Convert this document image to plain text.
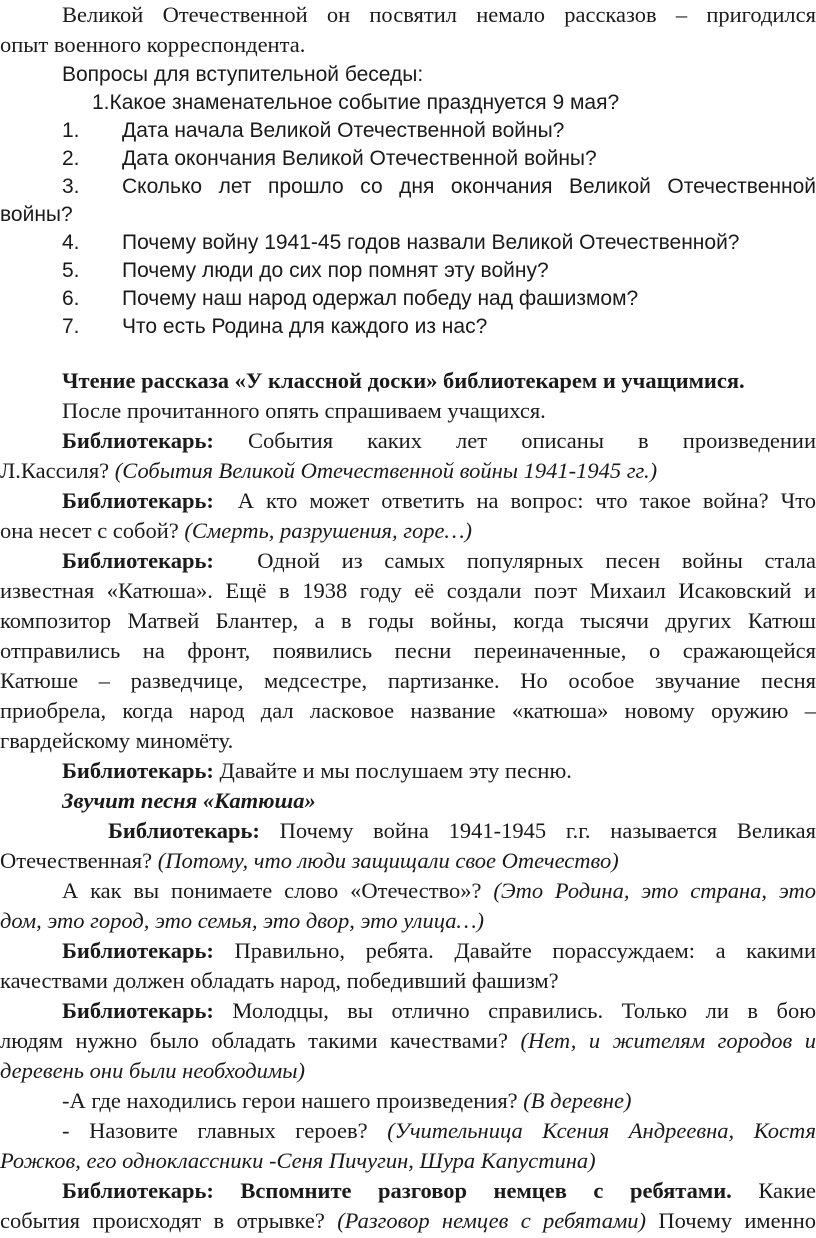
Великой Отечественной он посвятил немало рассказов – пригодился
опыт военного корреспондента.
Вопросы для вступительной беседы:
1.Какое знаменательное событие празднуется 9 мая?
1. Дата начала Великой Отечественной войны?
2. Дата окончания Великой Отечественной войны?
3. Сколько лет прошло со дня окончания Великой Отечественной
войны?
4. Почему войну 1941-45 годов назвали Великой Отечественной?
5. Почему люди до сих пор помнят эту войну?
6. Почему наш народ одержал победу над фашизмом?
7. Что есть Родина для каждого из нас?
Чтение рассказа «У классной доски» библиотекарем и учащимися.
После прочитанного опять спрашиваем учащихся.
Библиотекарь: События каких лет описаны в произведении
Л.Кассиля? (События Великой Отечественной войны 1941-1945 гг.)
Библиотекарь: А кто может ответить на вопрос: что такое война? Что
она несет с собой? (Смерть, разрушения, горе…)
Библиотекарь: Одной из самых популярных песен войны стала
известная «Катюша». Ещё в 1938 году её создали поэт Михаил Исаковский и
композитор Матвей Блантер, а в годы войны, когда тысячи других Катюш
отправились на фронт, появились песни переиначенные, о сражающейся
Катюше – разведчице, медсестре, партизанке. Но особое звучание песня
приобрела, когда народ дал ласковое название «катюша» новому оружию –
гвардейскому миномёту.
Библиотекарь: Давайте и мы послушаем эту песню.
Звучит песня «Катюша»
Библиотекарь: Почему война 1941-1945 г.г. называется Великая
Отечественная? (Потому, что люди защищали свое Отечество)
А как вы понимаете слово «Отечество»? (Это Родина, это страна, это
дом, это город, это семья, это двор, это улица…)
Библиотекарь: Правильно, ребята. Давайте порассуждаем: а какими
качествами должен обладать народ, победивший фашизм?
Библиотекарь: Молодцы, вы отлично справились. Только ли в бою
людям нужно было обладать такими качествами? (Нет, и жителям городов и
деревень они были необходимы)
-А где находились герои нашего произведения? (В деревне)
- Назовите главных героев? (Учительница Ксения Андреевна, Костя
Рожков, его одноклассники -Сеня Пичугин, Шура Капустина)
Библиотекарь: Вспомните разговор немцев с ребятами. Какие
события происходят в отрывке? (Разговор немцев с ребятами) Почему именно
